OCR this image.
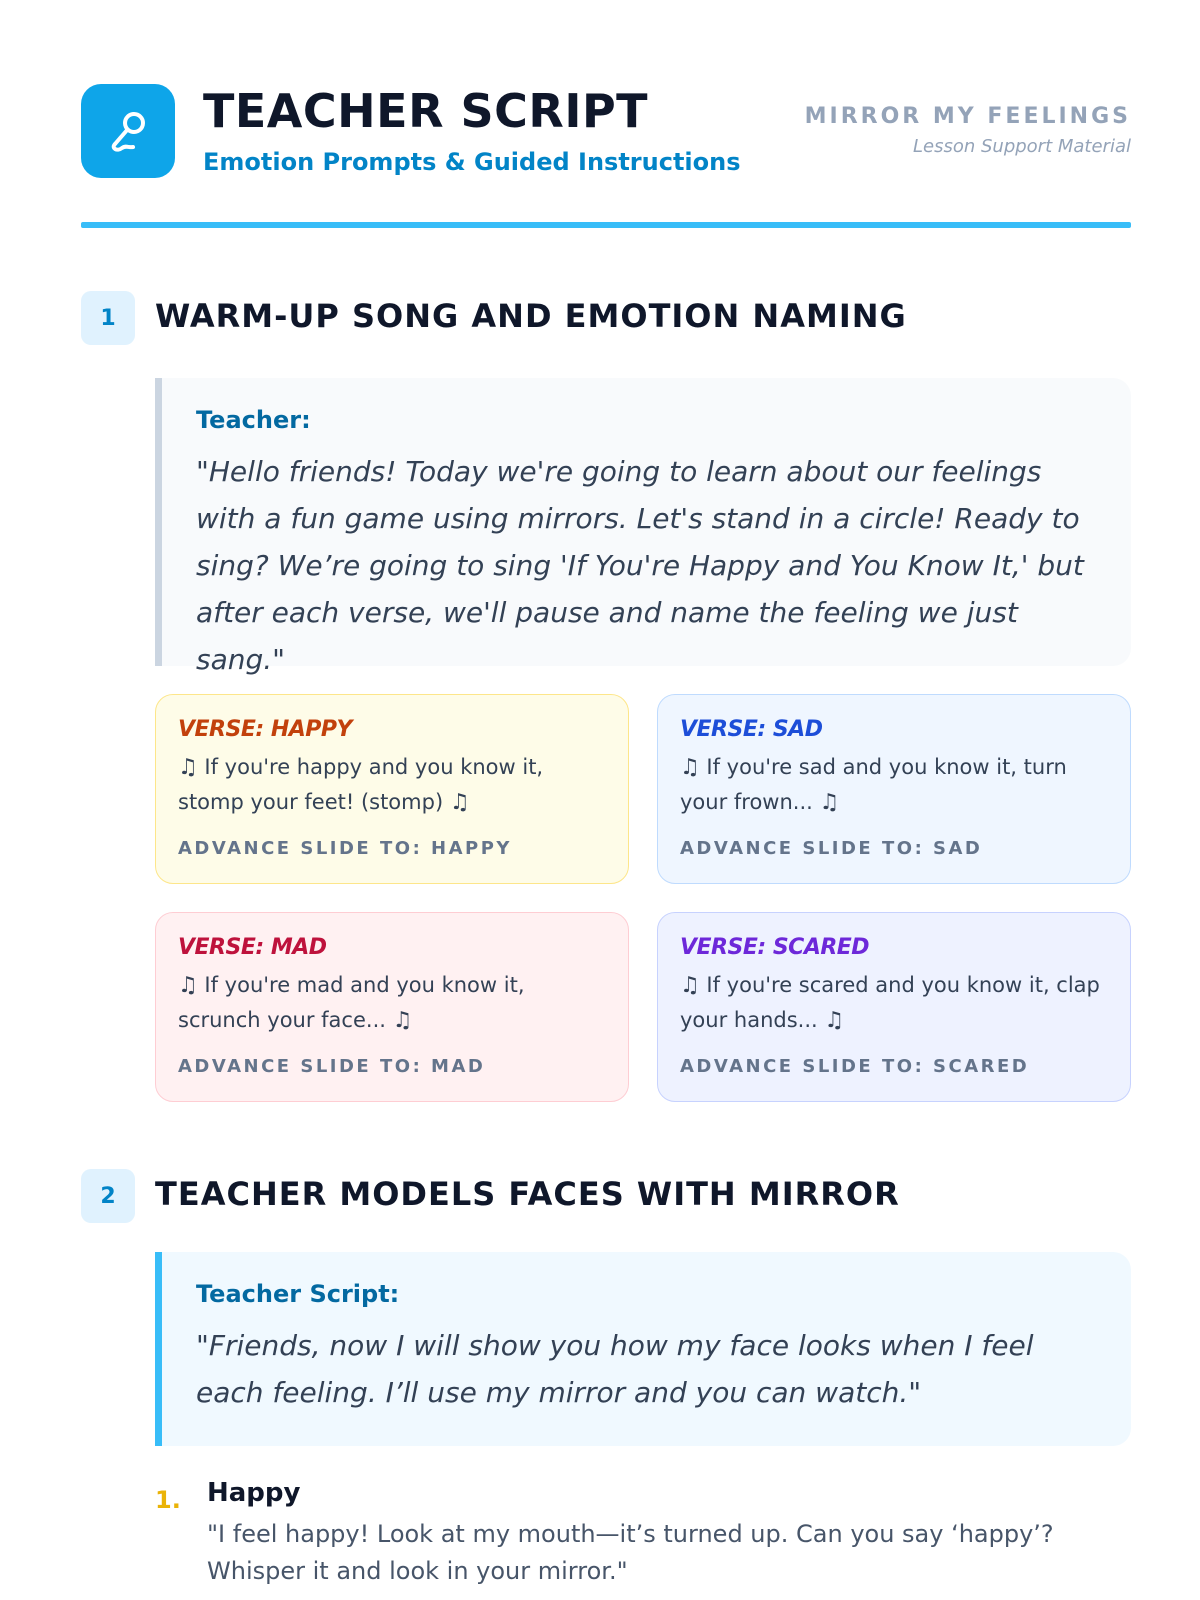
TEACHER SCRIPT
Emotion Prompts & Guided Instructions
MIRROR MY FEELINGS
Lesson Support Material
1	WARM-UP SONG AND EMOTION NAMING
Teacher:
"Hello friends! Today we're going to learn about our feelings with a fun game using mirrors. Let's stand in a circle! Ready to sing? We’re going to sing 'If You're Happy and You Know It,' but after each verse, we'll pause and name the feeling we just sang."
VERSE: HAPPY
♫ If you're happy and you know it, stomp your feet! (stomp) ♫
ADVANCE SLIDE TO: HAPPY
VERSE: SAD
♫ If you're sad and you know it, turn your frown... ♫
ADVANCE SLIDE TO: SAD
VERSE: MAD
♫ If you're mad and you know it, scrunch your face... ♫
ADVANCE SLIDE TO: MAD
VERSE: SCARED
♫ If you're scared and you know it, clap your hands... ♫
ADVANCE SLIDE TO: SCARED
2	TEACHER MODELS FACES WITH MIRROR
Teacher Script:
"Friends, now I will show you how my face looks when I feel each feeling. I’ll use my mirror and you can watch."
1. Happy
"I feel happy! Look at my mouth—it’s turned up. Can you say ‘happy’? Whisper it and look in your mirror."
